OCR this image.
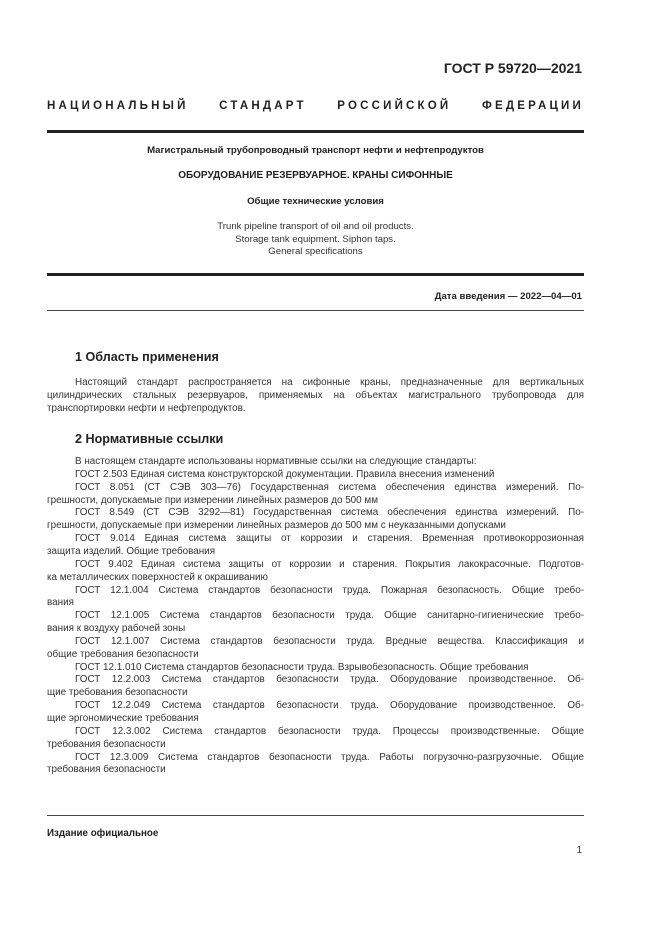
ГОСТ Р 59720—2021
НАЦИОНАЛЬНЫЙ СТАНДАРТ РОССИЙСКОЙ ФЕДЕРАЦИИ
Магистральный трубопроводный транспорт нефти и нефтепродуктов
ОБОРУДОВАНИЕ РЕЗЕРВУАРНОЕ. КРАНЫ СИФОННЫЕ
Общие технические условия
Trunk pipeline transport of oil and oil products.
Storage tank equipment. Siphon taps.
General specifications
Дата введения — 2022—04—01
1 Область применения
Настоящий стандарт распространяется на сифонные краны, предназначенные для вертикальных
цилиндрических стальных резервуаров, применяемых на объектах магистрального трубопровода для
транспортировки нефти и нефтепродуктов.
2 Нормативные ссылки
Издание официальное
1
В настоящем стандарте использованы нормативные ссылки на следующие стандарты:
ГОСТ 2.503 Единая система конструкторской документации. Правила внесения изменений
ГОСТ 8.051 (СТ СЭВ 303—76) Государственная система обеспечения единства измерений. По-
грешности, допускаемые при измерении линейных размеров до 500 мм
ГОСТ 8.549 (СТ СЭВ 3292—81) Государственная система обеспечения единства измерений. По-
грешности, допускаемые при измерении линейных размеров до 500 мм с неуказанными допусками
ГОСТ 9.014 Единая система защиты от коррозии и старения. Временная противокоррозионная
защита изделий. Общие требования
ГОСТ 9.402 Единая система защиты от коррозии и старения. Покрытия лакокрасочные. Подготов-
ка металлических поверхностей к окрашиванию
ГОСТ 12.1.004 Система стандартов безопасности труда. Пожарная безопасность. Общие требо-
вания
ГОСТ 12.1.005 Система стандартов безопасности труда. Общие санитарно-гигиенические требо-
вания к воздуху рабочей зоны
ГОСТ 12.1.007 Система стандартов безопасности труда. Вредные вещества. Классификация и
общие требования безопасности
ГОСТ 12.1.010 Система стандартов безопасности труда. Взрывобезопасность. Общие требования
ГОСТ 12.2.003 Система стандартов безопасности труда. Оборудование производственное. Об-
щие требования безопасности
ГОСТ 12.2.049 Система стандартов безопасности труда. Оборудование производственное. Об-
щие эргономические требования
ГОСТ 12.3.002 Система стандартов безопасности труда. Процессы производственные. Общие
требования безопасности
ГОСТ 12.3.009 Система стандартов безопасности труда. Работы погрузочно-разгрузочные. Общие
требования безопасности
